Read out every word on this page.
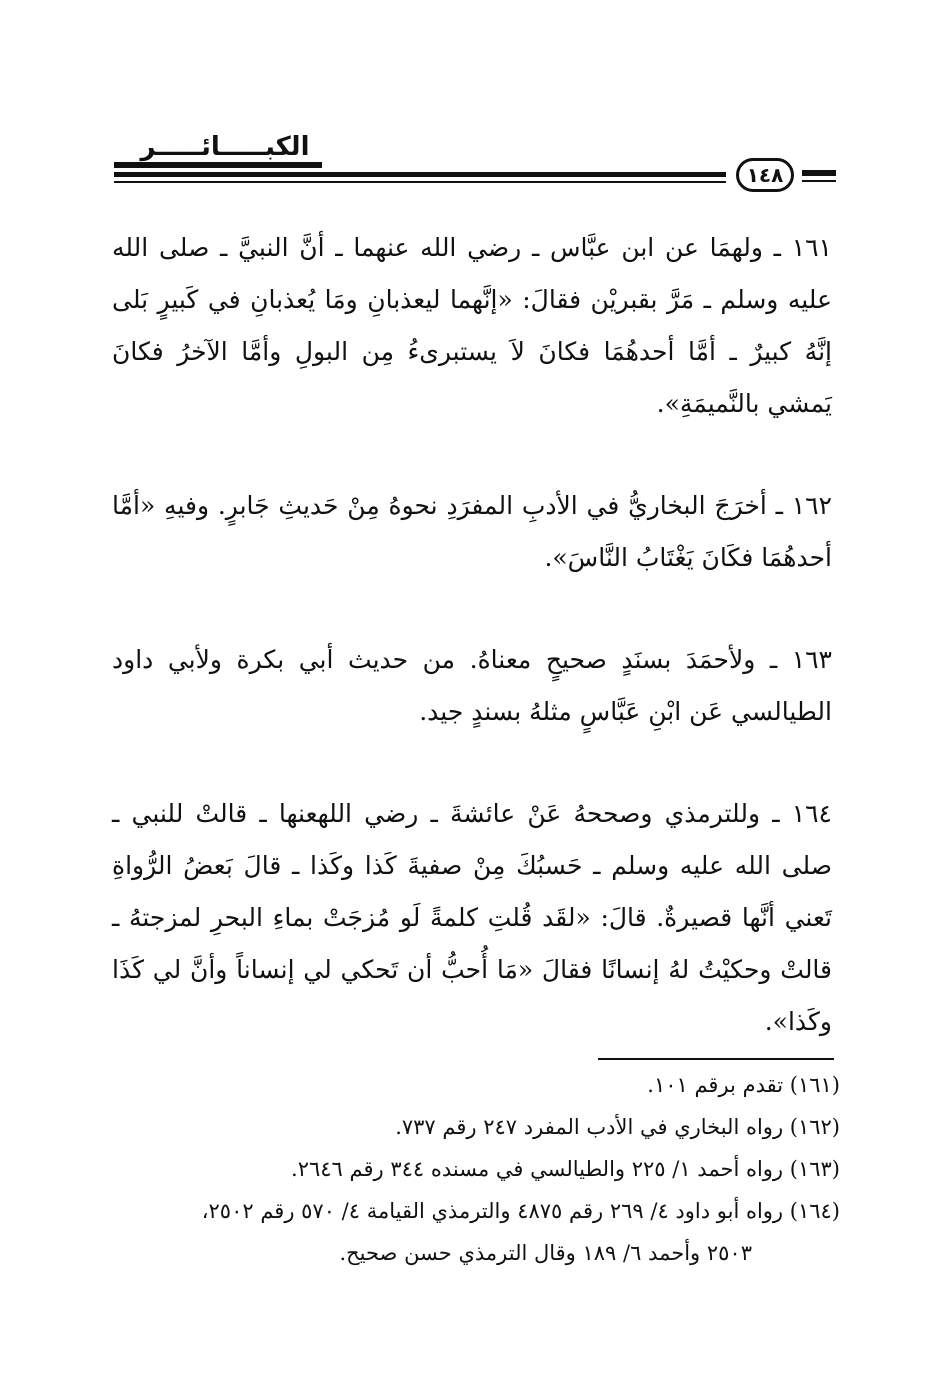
الكبـــــائـــــر
١٤٨

١٦١ ـ ولهمَا عن ابن عبَّاس ـ رضي الله عنهما ـ أنَّ النبيَّ ـ صلى الله عليه وسلم ـ مَرَّ بقبريْن فقالَ: «إنَّهما ليعذبانِ ومَا يُعذبانِ في كَبيرٍ بَلى إنَّهُ كبيرٌ ـ أمَّا أحدهُمَا فكانَ لاَ يستبرىءُ مِن البولِ وأمَّا الآخرُ فكانَ يَمشي بالنَّميمَةِ».

١٦٢ ـ أخرَجَ البخاريُّ في الأدبِ المفرَدِ نحوهُ مِنْ حَديثِ جَابرٍ. وفيهِ «أمَّا أحدهُمَا فكَانَ يَغْتَابُ النَّاسَ».

١٦٣ ـ ولأحمَدَ بسنَدٍ صحيحٍ معناهُ. من حديث أبي بكرة ولأبي داود الطيالسي عَن ابْنِ عَبَّاسٍ مثلهُ بسندٍ جيد.

١٦٤ ـ وللترمذي وصححهُ عَنْ عائشةَ ـ رضي اللهعنها ـ قالتْ للنبي ـ صلى الله عليه وسلم ـ حَسبُكَ مِنْ صفيةَ كَذا وكَذا ـ قالَ بَعضُ الرُّواةِ تَعني أنَّها قصيرةٌ. قالَ: «لقَد قُلتِ كلمةً لَو مُزجَتْ بماءِ البحرِ لمزجتهُ ـ قالتْ وحكيْتُ لهُ إنسانًا فقالَ «مَا أُحبُّ أن تَحكي لي إنساناً وأنَّ لي كَذَا وكَذا».

(١٦١) تقدم برقم ١٠١.

(١٦٢) رواه البخاري في الأدب المفرد ٢٤٧ رقم ٧٣٧.

(١٦٣) رواه أحمد ١/ ٢٢٥ والطيالسي في مسنده ٣٤٤ رقم ٢٦٤٦.

(١٦٤) رواه أبو داود ٤/ ٢٦٩ رقم ٤٨٧٥ والترمذي القيامة ٤/ ٥٧٠ رقم ٢٥٠٢،

٢٥٠٣ وأحمد ٦/ ١٨٩ وقال الترمذي حسن صحيح.
